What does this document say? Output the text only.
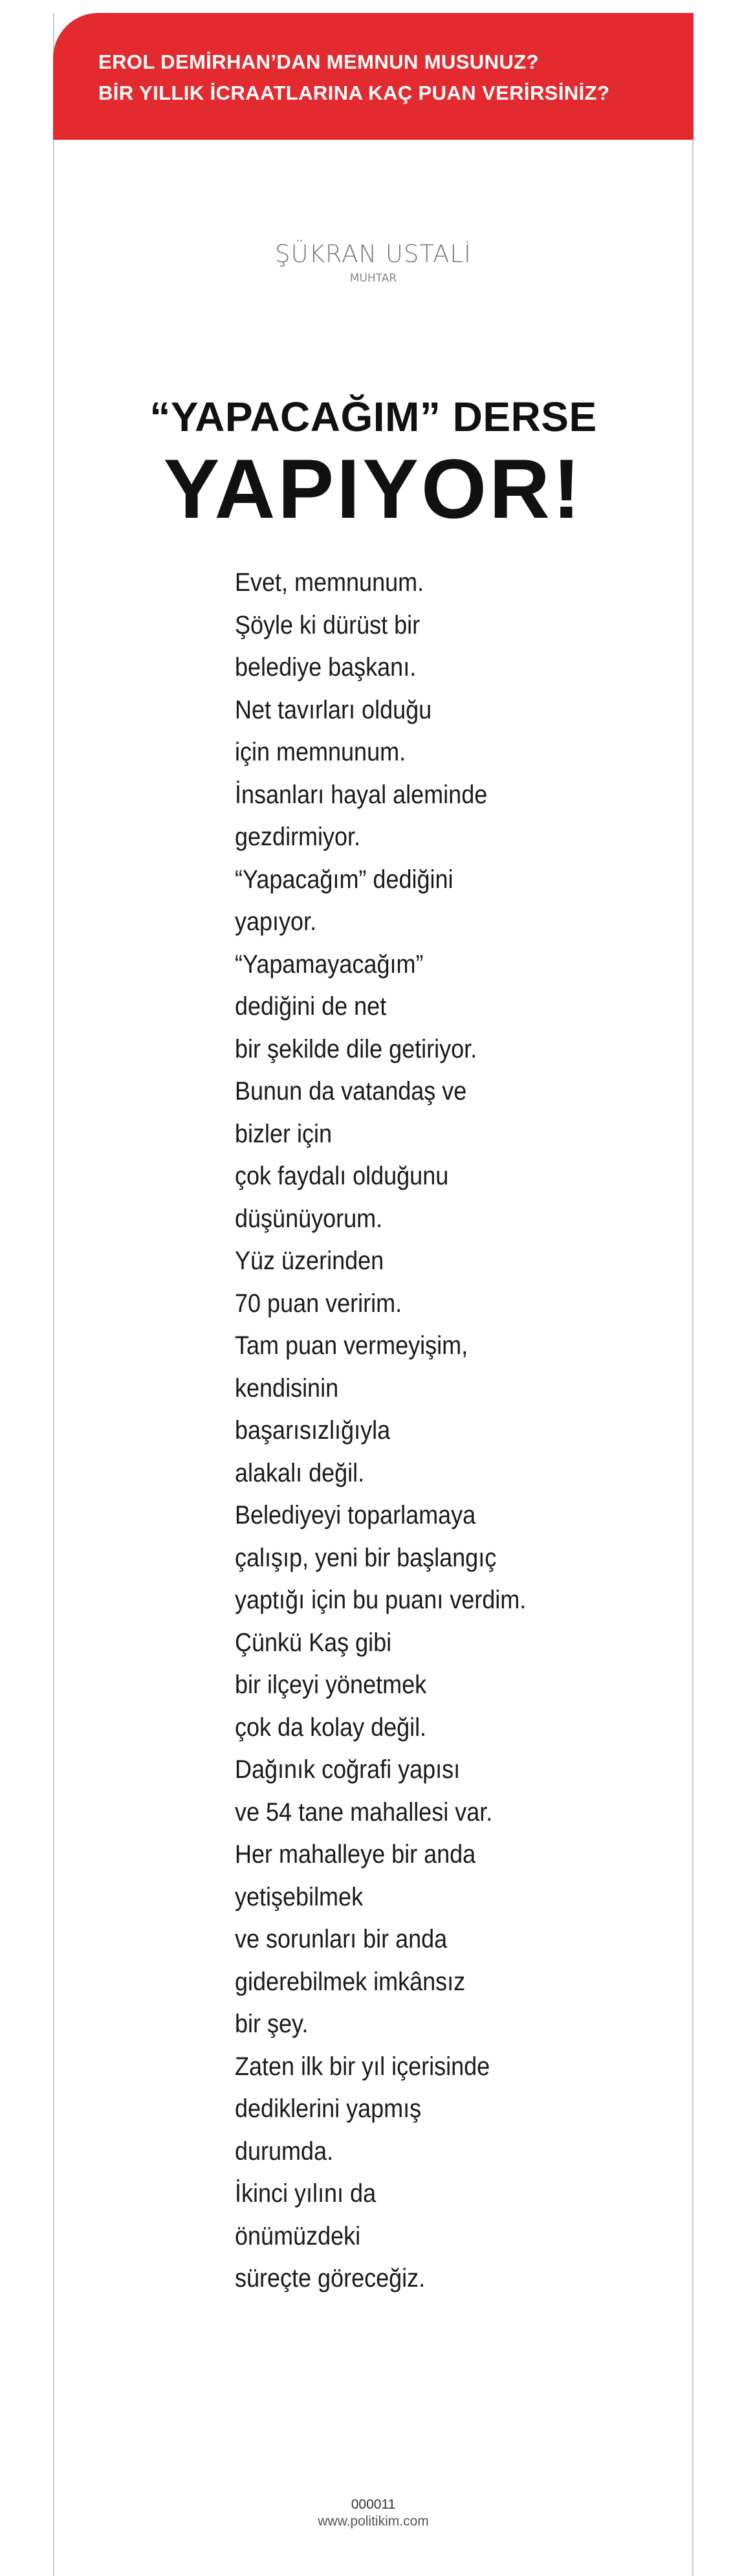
EROL DEMİRHAN’DAN MEMNUN MUSUNUZ?
BİR YILLIK İCRAATLARINA KAÇ PUAN VERİRSİNİZ?
ŞÜKRAN USTALİ
MUHTAR
“YAPACAĞIM” DERSE
YAPIYOR!
Evet, memnunum.
Şöyle ki dürüst bir
belediye başkanı.
Net tavırları olduğu
için memnunum.
İnsanları hayal aleminde
gezdirmiyor.
“Yapacağım” dediğini
yapıyor.
“Yapamayacağım”
dediğini de net
bir şekilde dile getiriyor.
Bunun da vatandaş ve
bizler için
çok faydalı olduğunu
düşünüyorum.
Yüz üzerinden
70 puan veririm.
Tam puan vermeyişim,
kendisinin
başarısızlığıyla
alakalı değil.
Belediyeyi toparlamaya
çalışıp, yeni bir başlangıç
yaptığı için bu puanı verdim.
Çünkü Kaş gibi
bir ilçeyi yönetmek
çok da kolay değil.
Dağınık coğrafi yapısı
ve 54 tane mahallesi var.
Her mahalleye bir anda
yetişebilmek
ve sorunları bir anda
giderebilmek imkânsız
bir şey.
Zaten ilk bir yıl içerisinde
dediklerini yapmış
durumda.
İkinci yılını da
önümüzdeki
süreçte göreceğiz.
000011
www.politikim.com
